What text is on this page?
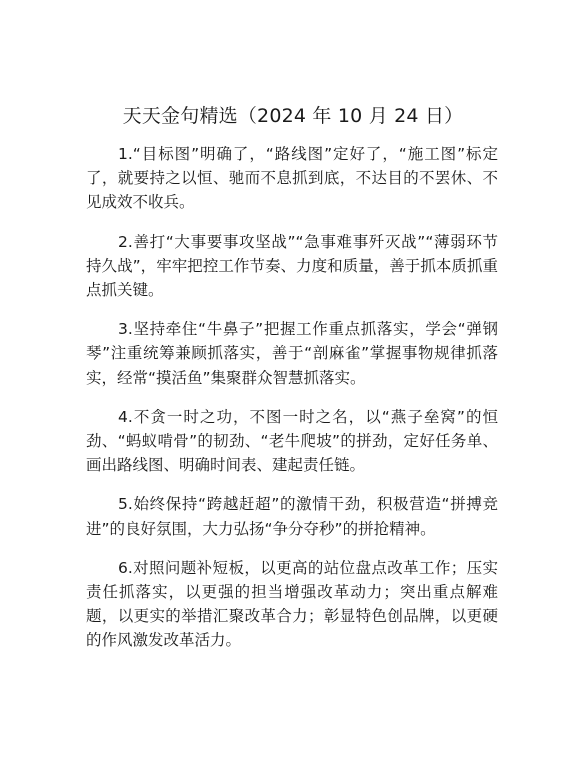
天天金句精选（2024 年 10 月 24 日）

1.“目标图”明确了，“路线图”定好了，“施工图”标定了，就要持之以恒、驰而不息抓到底，不达目的不罢休、不见成效不收兵。

2.善打“大事要事攻坚战”“急事难事歼灭战”“薄弱环节持久战”，牢牢把控工作节奏、力度和质量，善于抓本质抓重点抓关键。

3.坚持牵住“牛鼻子”把握工作重点抓落实，学会“弹钢琴”注重统筹兼顾抓落实，善于“剖麻雀”掌握事物规律抓落实，经常“摸活鱼”集聚群众智慧抓落实。

4.不贪一时之功，不图一时之名，以“燕子垒窝”的恒劲、“蚂蚁啃骨”的韧劲、“老牛爬坡”的拼劲，定好任务单、画出路线图、明确时间表、建起责任链。

5.始终保持“跨越赶超”的激情干劲，积极营造“拼搏竞进”的良好氛围，大力弘扬“争分夺秒”的拼抢精神。

6.对照问题补短板，以更高的站位盘点改革工作；压实责任抓落实，以更强的担当增强改革动力；突出重点解难题，以更实的举措汇聚改革合力；彰显特色创品牌，以更硬的作风激发改革活力。
